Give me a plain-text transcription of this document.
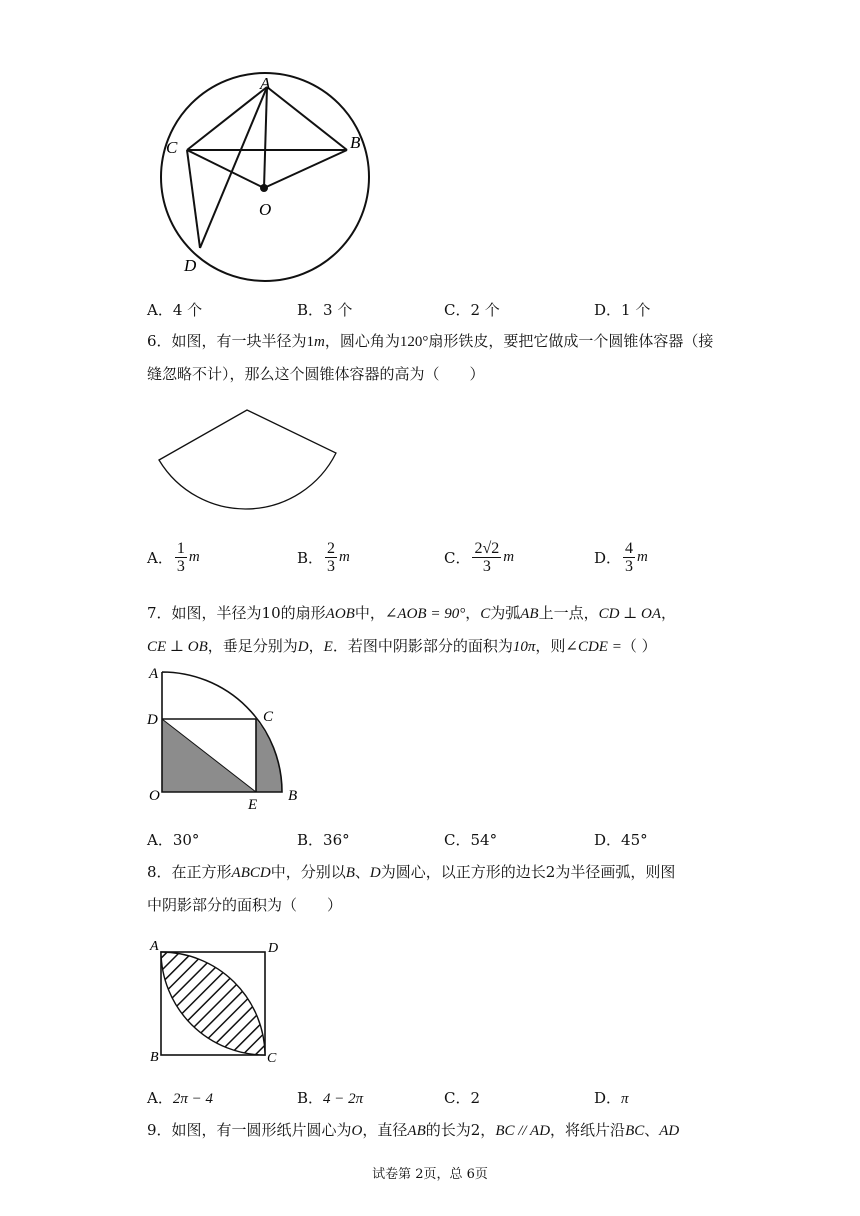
A
C	B
O
D
A．4 个	B．3 个	C．2 个	D．1 个
6．如图，有一块半径为1m，圆心角为120°扇形铁皮，要把它做成一个圆锥体容器（接
缝忽略不计），那么这个圆锥体容器的高为（　　）
A． $\frac{1}{3}$ m	B． $\frac{2}{3}$ m	C． $\frac{2√2}{3}$ m	D． $\frac{4}{3}$ m
7．如图，半径为10的扇形AOB中，∠AOB = 90°，C为弧AB上一点，CD ⊥ OA，
CE ⊥ OB，垂足分别为D，E．若图中阴影部分的面积为10π，则∠CDE =（ ）
A
D	C
O
E
B
A．30°	B．36°	C．54°	D．45°
8．在正方形ABCD中，分别以B、D为圆心，以正方形的边长2为半径画弧，则图
中阴影部分的面积为（　　）
A	D
B	C
A．2π − 4	B．4 − 2π	C．2	D．π
9．如图，有一圆形纸片圆心为O，直径AB的长为2，BC // AD，将纸片沿BC、AD
试卷第 2页，总 6页
